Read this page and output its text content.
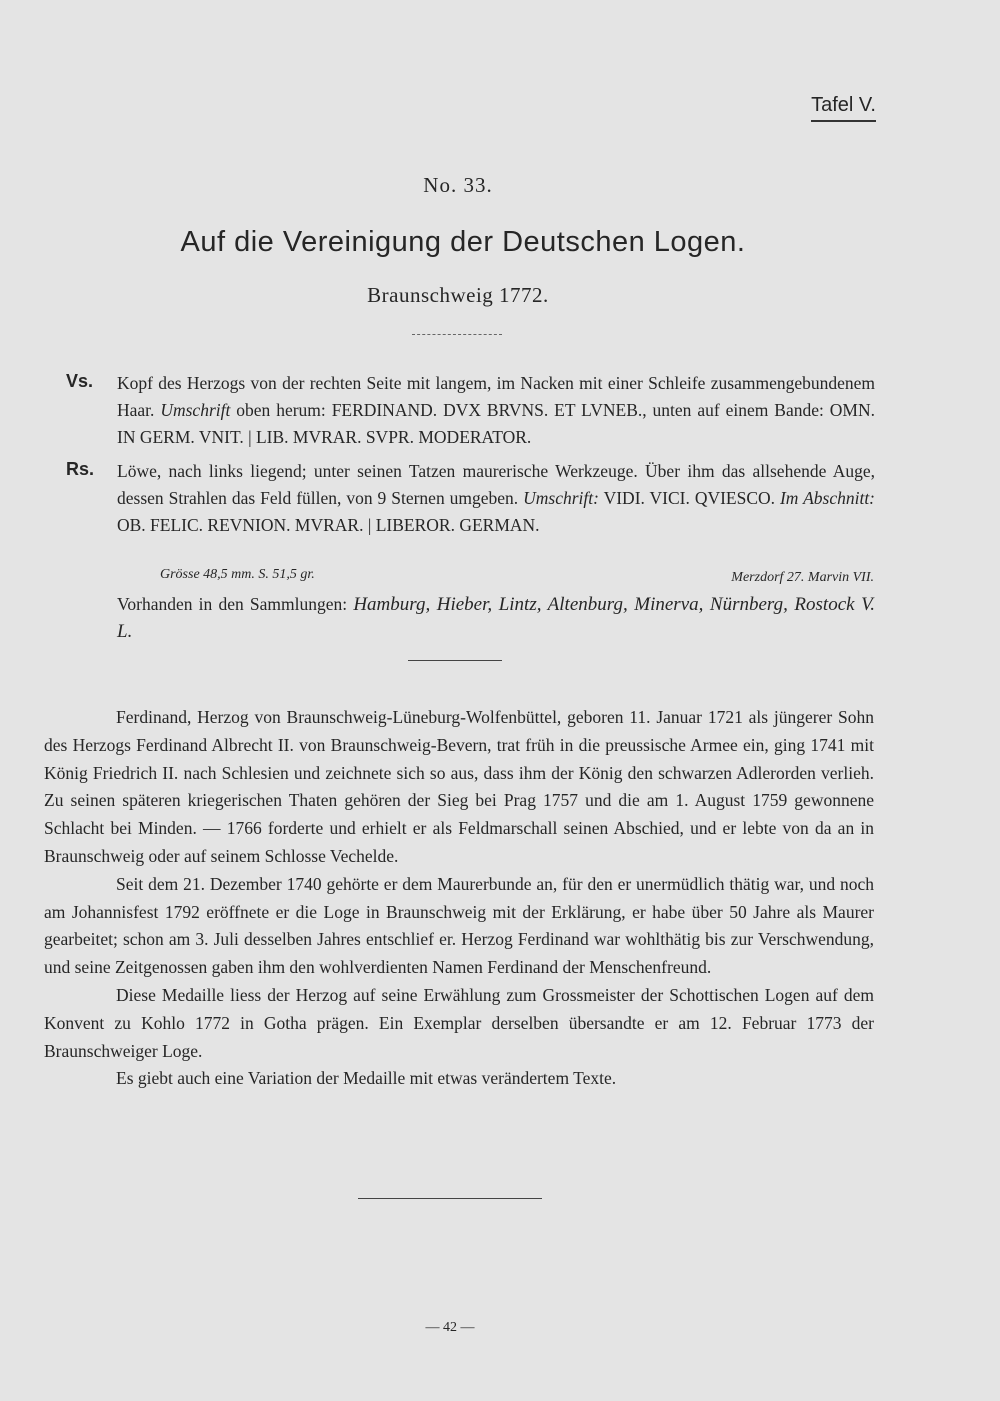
Tafel V.
No. 33.
Auf die Vereinigung der Deutschen Logen.
Braunschweig 1772.
Vs. Kopf des Herzogs von der rechten Seite mit langem, im Nacken mit einer Schleife zusammengebundenem Haar. Umschrift oben herum: FERDINAND. DVX BRVNS. ET LVNEB., unten auf einem Bande: OMN. IN GERM. VNIT. | LIB. MVRAR. SVPR. MODERATOR.
Rs. Löwe, nach links liegend; unter seinen Tatzen maurerische Werkzeuge. Über ihm das allsehende Auge, dessen Strahlen das Feld füllen, von 9 Sternen umgeben. Umschrift: VIDI. VICI. QVIESCO. Im Abschnitt: OB. FELIC. REVNION. MVRAR. | LIBEROR. GERMAN.
Grösse 48,5 mm. S. 51,5 gr.	Merzdorf 27. Marvin VII.
Vorhanden in den Sammlungen: Hamburg, Hieber, Lintz, Altenburg, Minerva, Nürnberg, Rostock V. L.

Ferdinand, Herzog von Braunschweig-Lüneburg-Wolfenbüttel, geboren 11. Januar 1721 als jüngerer Sohn des Herzogs Ferdinand Albrecht II. von Braunschweig-Bevern, trat früh in die preussische Armee ein, ging 1741 mit König Friedrich II. nach Schlesien und zeichnete sich so aus, dass ihm der König den schwarzen Adlerorden verlieh. Zu seinen späteren kriegerischen Thaten gehören der Sieg bei Prag 1757 und die am 1. August 1759 gewonnene Schlacht bei Minden. — 1766 forderte und erhielt er als Feldmarschall seinen Abschied, und er lebte von da an in Braunschweig oder auf seinem Schlosse Vechelde.

Seit dem 21. Dezember 1740 gehörte er dem Maurerbunde an, für den er unermüdlich thätig war, und noch am Johannisfest 1792 eröffnete er die Loge in Braunschweig mit der Erklärung, er habe über 50 Jahre als Maurer gearbeitet; schon am 3. Juli desselben Jahres entschlief er. Herzog Ferdinand war wohlthätig bis zur Verschwendung, und seine Zeitgenossen gaben ihm den wohlverdienten Namen Ferdinand der Menschenfreund.

Diese Medaille liess der Herzog auf seine Erwählung zum Grossmeister der Schottischen Logen auf dem Konvent zu Kohlo 1772 in Gotha prägen. Ein Exemplar derselben übersandte er am 12. Februar 1773 der Braunschweiger Loge.

Es giebt auch eine Variation der Medaille mit etwas verändertem Texte.

— 42 —
